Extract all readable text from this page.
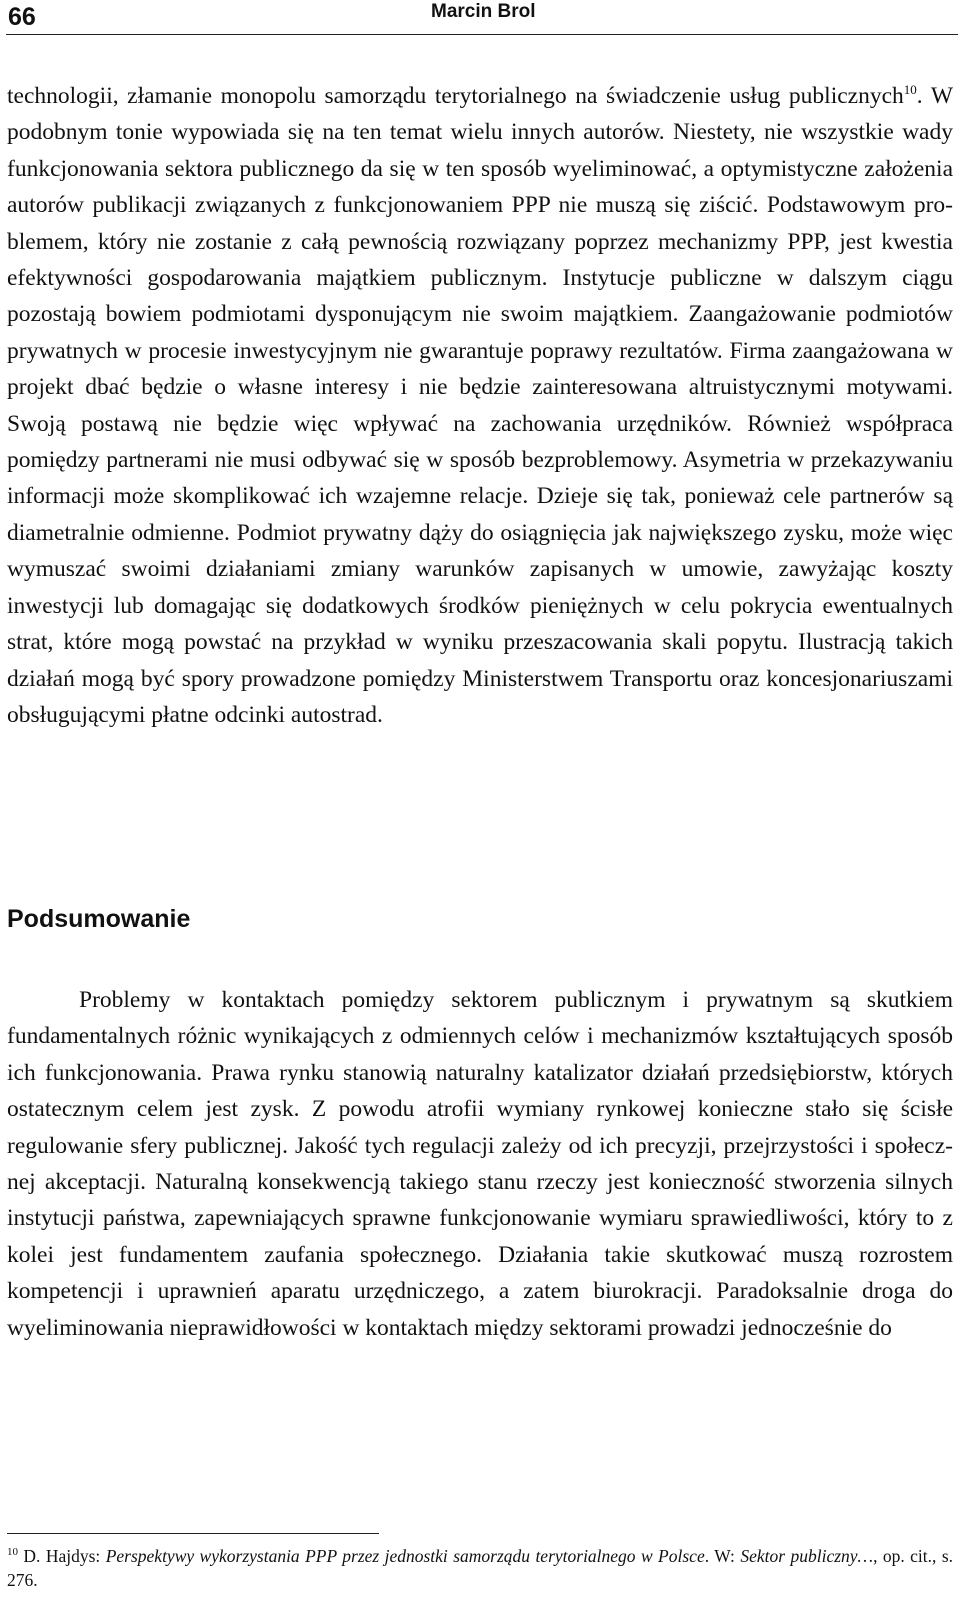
66	Marcin Brol

technologii, złamanie monopolu samorządu terytorialnego na świadczenie usług publicznych$^{10}$. W podobnym tonie wypowiada się na ten temat wielu innych autorów. Niestety, nie wszystkie wady funkcjonowania sektora publicznego da się w ten sposób wyeliminować, a optymistyczne założenia autorów publikacji związanych z funkcjonowaniem PPP nie muszą się ziścić. Podstawowym problemem, który nie zostanie z całą pewnością rozwiązany poprzez mechanizmy PPP, jest kwestia efektywności gospodarowania majątkiem publicznym. Instytucje publiczne w dalszym ciągu pozostają bowiem podmiotami dysponującym nie swoim majątkiem. Zaangażowanie podmiotów prywatnych w procesie inwestycyjnym nie gwarantuje poprawy rezultatów. Firma zaangażowana w projekt dbać będzie o własne interesy i nie będzie zainteresowana altruistycznymi motywami. Swoją postawą nie będzie więc wpływać na zachowania urzędników. Również współpraca pomiędzy partnerami nie musi odbywać się w sposób bezproblemowy. Asymetria w przekazywaniu informacji może skomplikować ich wzajemne relacje. Dzieje się tak, ponieważ cele partnerów są diametralnie odmienne. Podmiot prywatny dąży do osiągnięcia jak największego zysku, może więc wymuszać swoimi działaniami zmiany warunków zapisanych w umowie, zawyżając koszty inwestycji lub domagając się dodatkowych środków pieniężnych w celu pokrycia ewentualnych strat, które mogą powstać na przykład w wyniku przeszacowania skali popytu. Ilustracją takich działań mogą być spory prowadzone pomiędzy Ministerstwem Transportu oraz koncesjonariuszami obsługującymi płatne odcinki autostrad.

Podsumowanie

Problemy w kontaktach pomiędzy sektorem publicznym i prywatnym są skutkiem fundamentalnych różnic wynikających z odmiennych celów i mechanizmów kształtujących sposób ich funkcjonowania. Prawa rynku stanowią naturalny katalizator działań przedsiębiorstw, których ostatecznym celem jest zysk. Z powodu atrofii wymiany rynkowej konieczne stało się ścisłe regulowanie sfery publicznej. Jakość tych regulacji zależy od ich precyzji, przejrzystości i społecznej akceptacji. Naturalną konsekwencją takiego stanu rzeczy jest konieczność stworzenia silnych instytucji państwa, zapewniających sprawne funkcjonowanie wymiaru sprawiedliwości, który to z kolei jest fundamentem zaufania społecznego. Działania takie skutkować muszą rozrostem kompetencji i uprawnień aparatu urzędniczego, a zatem biurokracji. Paradoksalnie droga do wyeliminowania nieprawidłowości w kontaktach między sektorami prowadzi jednocześnie do

$^{10}$ D. Hajdys: Perspektywy wykorzystania PPP przez jednostki samorządu terytorialnego w Polsce. W: Sektor publiczny…, op. cit., s. 276.
